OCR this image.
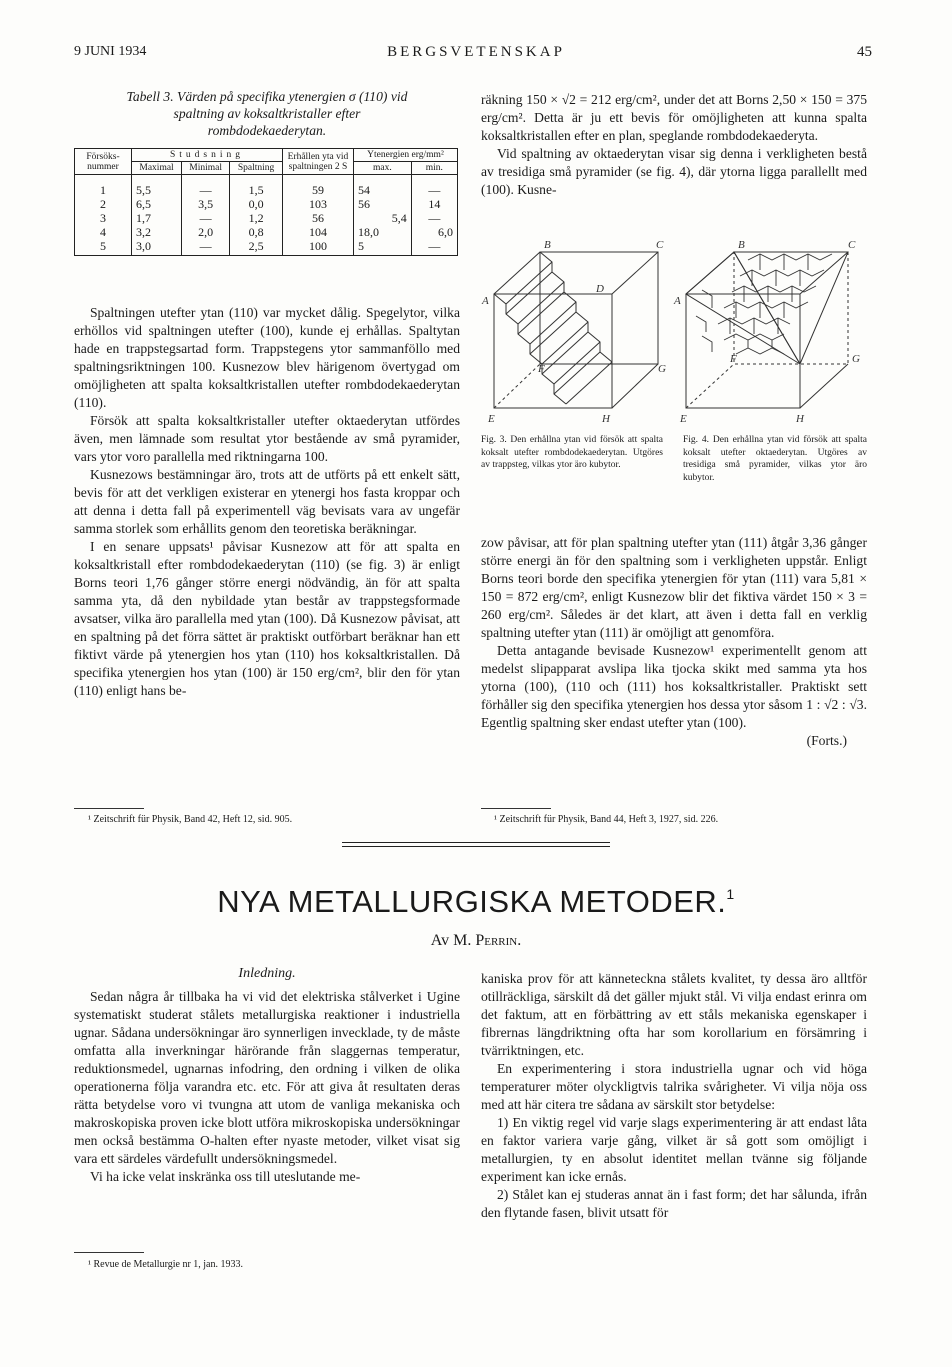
9 JUNI 1934	BERGSVETENSKAP	45
Tabell 3. Värden på specifika ytenergien σ (110) vid
spaltning av koksaltkristaller efter
rombdodekaederytan.
Försöks-nummer	Studsning			Erhållen yta vid spaltningen 2 S	Ytenergien erg/mm²	
	Maximal	Minimal	Spaltning		max.	min.
1	5,5	—	1,5	59	54	—
2	6,5	3,5	0,0	103	56	14
3	1,7	—	1,2	56	5,4	—
4	3,2	2,0	0,8	104	18,0	6,0
5	3,0	—	2,5	100	5	—

Spaltningen utefter ytan (110) var mycket dålig. Spegelytor, vilka erhöllos vid spaltningen utefter (100), kunde ej erhållas. Spaltytan hade en trappstegsartad form. Trappstegens ytor sammanföllo med spaltningsriktningen 100. Kusnezow blev härigenom övertygad om omöjligheten att spalta koksaltkristallen utefter rombdodekaederytan (110).

Försök att spalta koksaltkristaller utefter oktaederytan utfördes även, men lämnade som resultat ytor bestående av små pyramider, vars ytor voro parallella med riktningarna 100.

Kusnezows bestämningar äro, trots att de utförts på ett enkelt sätt, bevis för att det verkligen existerar en ytenergi hos fasta kroppar och att denna i detta fall på experimentell väg bevisats vara av ungefär samma storlek som erhållits genom den teoretiska beräkningar.

I en senare uppsats¹ påvisar Kusnezow att för att spalta en koksaltkristall efter rombdodekaederytan (110) (se fig. 3) är enligt Borns teori 1,76 gånger större energi nödvändig, än för att spalta samma yta, då den nybildade ytan består av trappstegsformade avsatser, vilka äro parallella med ytan (100). Då Kusnezow påvisat, att en spaltning på det förra sättet är praktiskt outförbart beräknar han ett fiktivt värde på ytenergien hos ytan (110) hos koksaltkristallen. Då specifika ytenergien hos ytan (100) är 150 erg/cm², blir den för ytan (110) enligt hans be-

¹ Zeitschrift für Physik, Band 42, Heft 12, sid. 905.

räkning 150 × √2 = 212 erg/cm², under det att Borns 2,50 × 150 = 375 erg/cm². Detta är ju ett bevis för omöjligheten att kunna spalta koksaltkristallen efter en plan, speglande rombdodekaederyta.

Vid spaltning av oktaederytan visar sig denna i verkligheten bestå av tresidiga små pyramider (se fig. 4), där ytorna ligga parallellt med (100). Kusne-

B	C
A
D
F	G
E	H
Fig. 3. Den erhållna ytan vid försök att spalta koksalt utefter rombdodekaederytan. Utgöres av trappsteg, vilkas ytor äro kubytor.
B	C
A
F	G
E	H
Fig. 4. Den erhållna ytan vid försök att spalta koksalt utefter oktaederytan. Utgöres av tresidiga små pyramider, vilkas ytor äro kubytor.

zow påvisar, att för plan spaltning utefter ytan (111) åtgår 3,36 gånger större energi än för den spaltning som i verkligheten uppstår. Enligt Borns teori borde den specifika ytenergien för ytan (111) vara 5,81 × 150 = 872 erg/cm², enligt Kusnezow blir det fiktiva värdet 150 × 3 = 260 erg/cm². Således är det klart, att även i detta fall en verklig spaltning utefter ytan (111) är omöjligt att genomföra.

Detta antagande bevisade Kusnezow¹ experimentellt genom att medelst slipapparat avslipa lika tjocka skikt med samma yta hos ytorna (100), (110 och (111) hos koksaltkristaller. Praktiskt sett förhåller sig den specifika ytenergien hos dessa ytor såsom 1 : √2 : √3. Egentlig spaltning sker endast utefter ytan (100).

(Forts.)
¹ Zeitschrift für Physik, Band 44, Heft 3, 1927, sid. 226.
NYA METALLURGISKA METODER.$^1$
Av M. Perrin.
Inledning.

Sedan några år tillbaka ha vi vid det elektriska stålverket i Ugine systematiskt studerat stålets metallurgiska reaktioner i industriella ugnar. Sådana undersökningar äro synnerligen invecklade, ty de måste omfatta alla inverkningar härörande från slaggernas temperatur, reduktionsmedel, ugnarnas infodring, den ordning i vilken de olika operationerna följa varandra etc. etc. För att giva åt resultaten deras rätta betydelse voro vi tvungna att utom de vanliga mekaniska och makroskopiska proven icke blott utföra mikroskopiska undersökningar men också bestämma O-halten efter nyaste metoder, vilket visat sig vara ett särdeles värdefullt undersökningsmedel.

Vi ha icke velat inskränka oss till uteslutande me-

¹ Revue de Metallurgie nr 1, jan. 1933.

kaniska prov för att känneteckna stålets kvalitet, ty dessa äro alltför otillräckliga, särskilt då det gäller mjukt stål. Vi vilja endast erinra om det faktum, att en förbättring av ett ståls mekaniska egenskaper i fibrernas längdriktning ofta har som korollarium en försämring i tvärriktningen, etc.

En experimentering i stora industriella ugnar och vid höga temperaturer möter olyckligtvis talrika svårigheter. Vi vilja nöja oss med att här citera tre sådana av särskilt stor betydelse:

1) En viktig regel vid varje slags experimentering är att endast låta en faktor variera varje gång, vilket är så gott som omöjligt i metallurgien, ty en absolut identitet mellan tvänne sig följande experiment kan icke ernås.

2) Stålet kan ej studeras annat än i fast form; det har sålunda, ifrån den flytande fasen, blivit utsatt för
